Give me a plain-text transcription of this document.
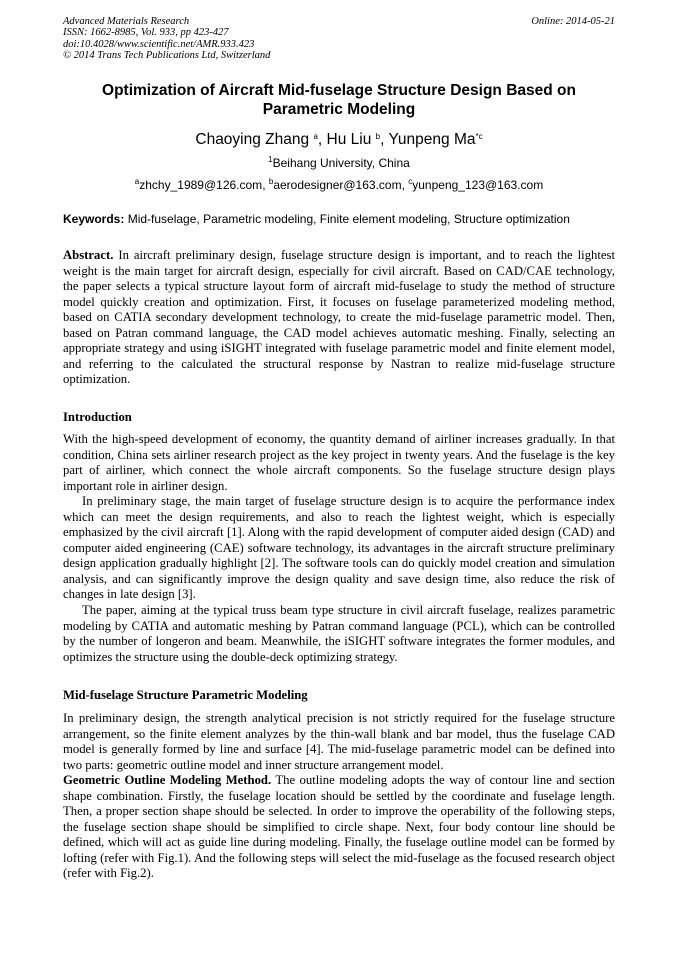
Advanced Materials Research
ISSN: 1662-8985, Vol. 933, pp 423-427
doi:10.4028/www.scientific.net/AMR.933.423
© 2014 Trans Tech Publications Ltd, Switzerland
Online: 2014-05-21
Optimization of Aircraft Mid-fuselage Structure Design Based on
Parametric Modeling
Chaoying Zhang $^a$, Hu Liu $^b$, Yunpeng Ma$^{*c}$
$^1$Beihang University, China
$^a$zhchy_1989@126.com, $^b$aerodesigner@163.com, $^c$yunpeng_123@163.com
Keywords: Mid-fuselage, Parametric modeling, Finite element modeling, Structure optimization

Abstract. In aircraft preliminary design, fuselage structure design is important, and to reach the lightest weight is the main target for aircraft design, especially for civil aircraft. Based on CAD/CAE technology, the paper selects a typical structure layout form of aircraft mid-fuselage to study the method of structure model quickly creation and optimization. First, it focuses on fuselage parameterized modeling method, based on CATIA secondary development technology, to create the mid-fuselage parametric model. Then, based on Patran command language, the CAD model achieves automatic meshing. Finally, selecting an appropriate strategy and using iSIGHT integrated with fuselage parametric model and finite element model, and referring to the calculated the structural response by Nastran to realize mid-fuselage structure optimization.

Introduction

With the high-speed development of economy, the quantity demand of airliner increases gradually. In that condition, China sets airliner research project as the key project in twenty years. And the fuselage is the key part of airliner, which connect the whole aircraft components. So the fuselage structure design plays important role in airliner design.

In preliminary stage, the main target of fuselage structure design is to acquire the performance index which can meet the design requirements, and also to reach the lightest weight, which is especially emphasized by the civil aircraft [1]. Along with the rapid development of computer aided design (CAD) and computer aided engineering (CAE) software technology, its advantages in the aircraft structure preliminary design application gradually highlight [2]. The software tools can do quickly model creation and simulation analysis, and can significantly improve the design quality and save design time, also reduce the risk of changes in late design [3].

The paper, aiming at the typical truss beam type structure in civil aircraft fuselage, realizes parametric modeling by CATIA and automatic meshing by Patran command language (PCL), which can be controlled by the number of longeron and beam. Meanwhile, the iSIGHT software integrates the former modules, and optimizes the structure using the double-deck optimizing strategy.

Mid-fuselage Structure Parametric Modeling

In preliminary design, the strength analytical precision is not strictly required for the fuselage structure arrangement, so the finite element analyzes by the thin-wall blank and bar model, thus the fuselage CAD model is generally formed by line and surface [4]. The mid-fuselage parametric model can be defined into two parts: geometric outline model and inner structure arrangement model.

Geometric Outline Modeling Method. The outline modeling adopts the way of contour line and section shape combination. Firstly, the fuselage location should be settled by the coordinate and fuselage length. Then, a proper section shape should be selected. In order to improve the operability of the following steps, the fuselage section shape should be simplified to circle shape. Next, four body contour line should be defined, which will act as guide line during modeling. Finally, the fuselage outline model can be formed by lofting (refer with Fig.1). And the following steps will select the mid-fuselage as the focused research object (refer with Fig.2).
